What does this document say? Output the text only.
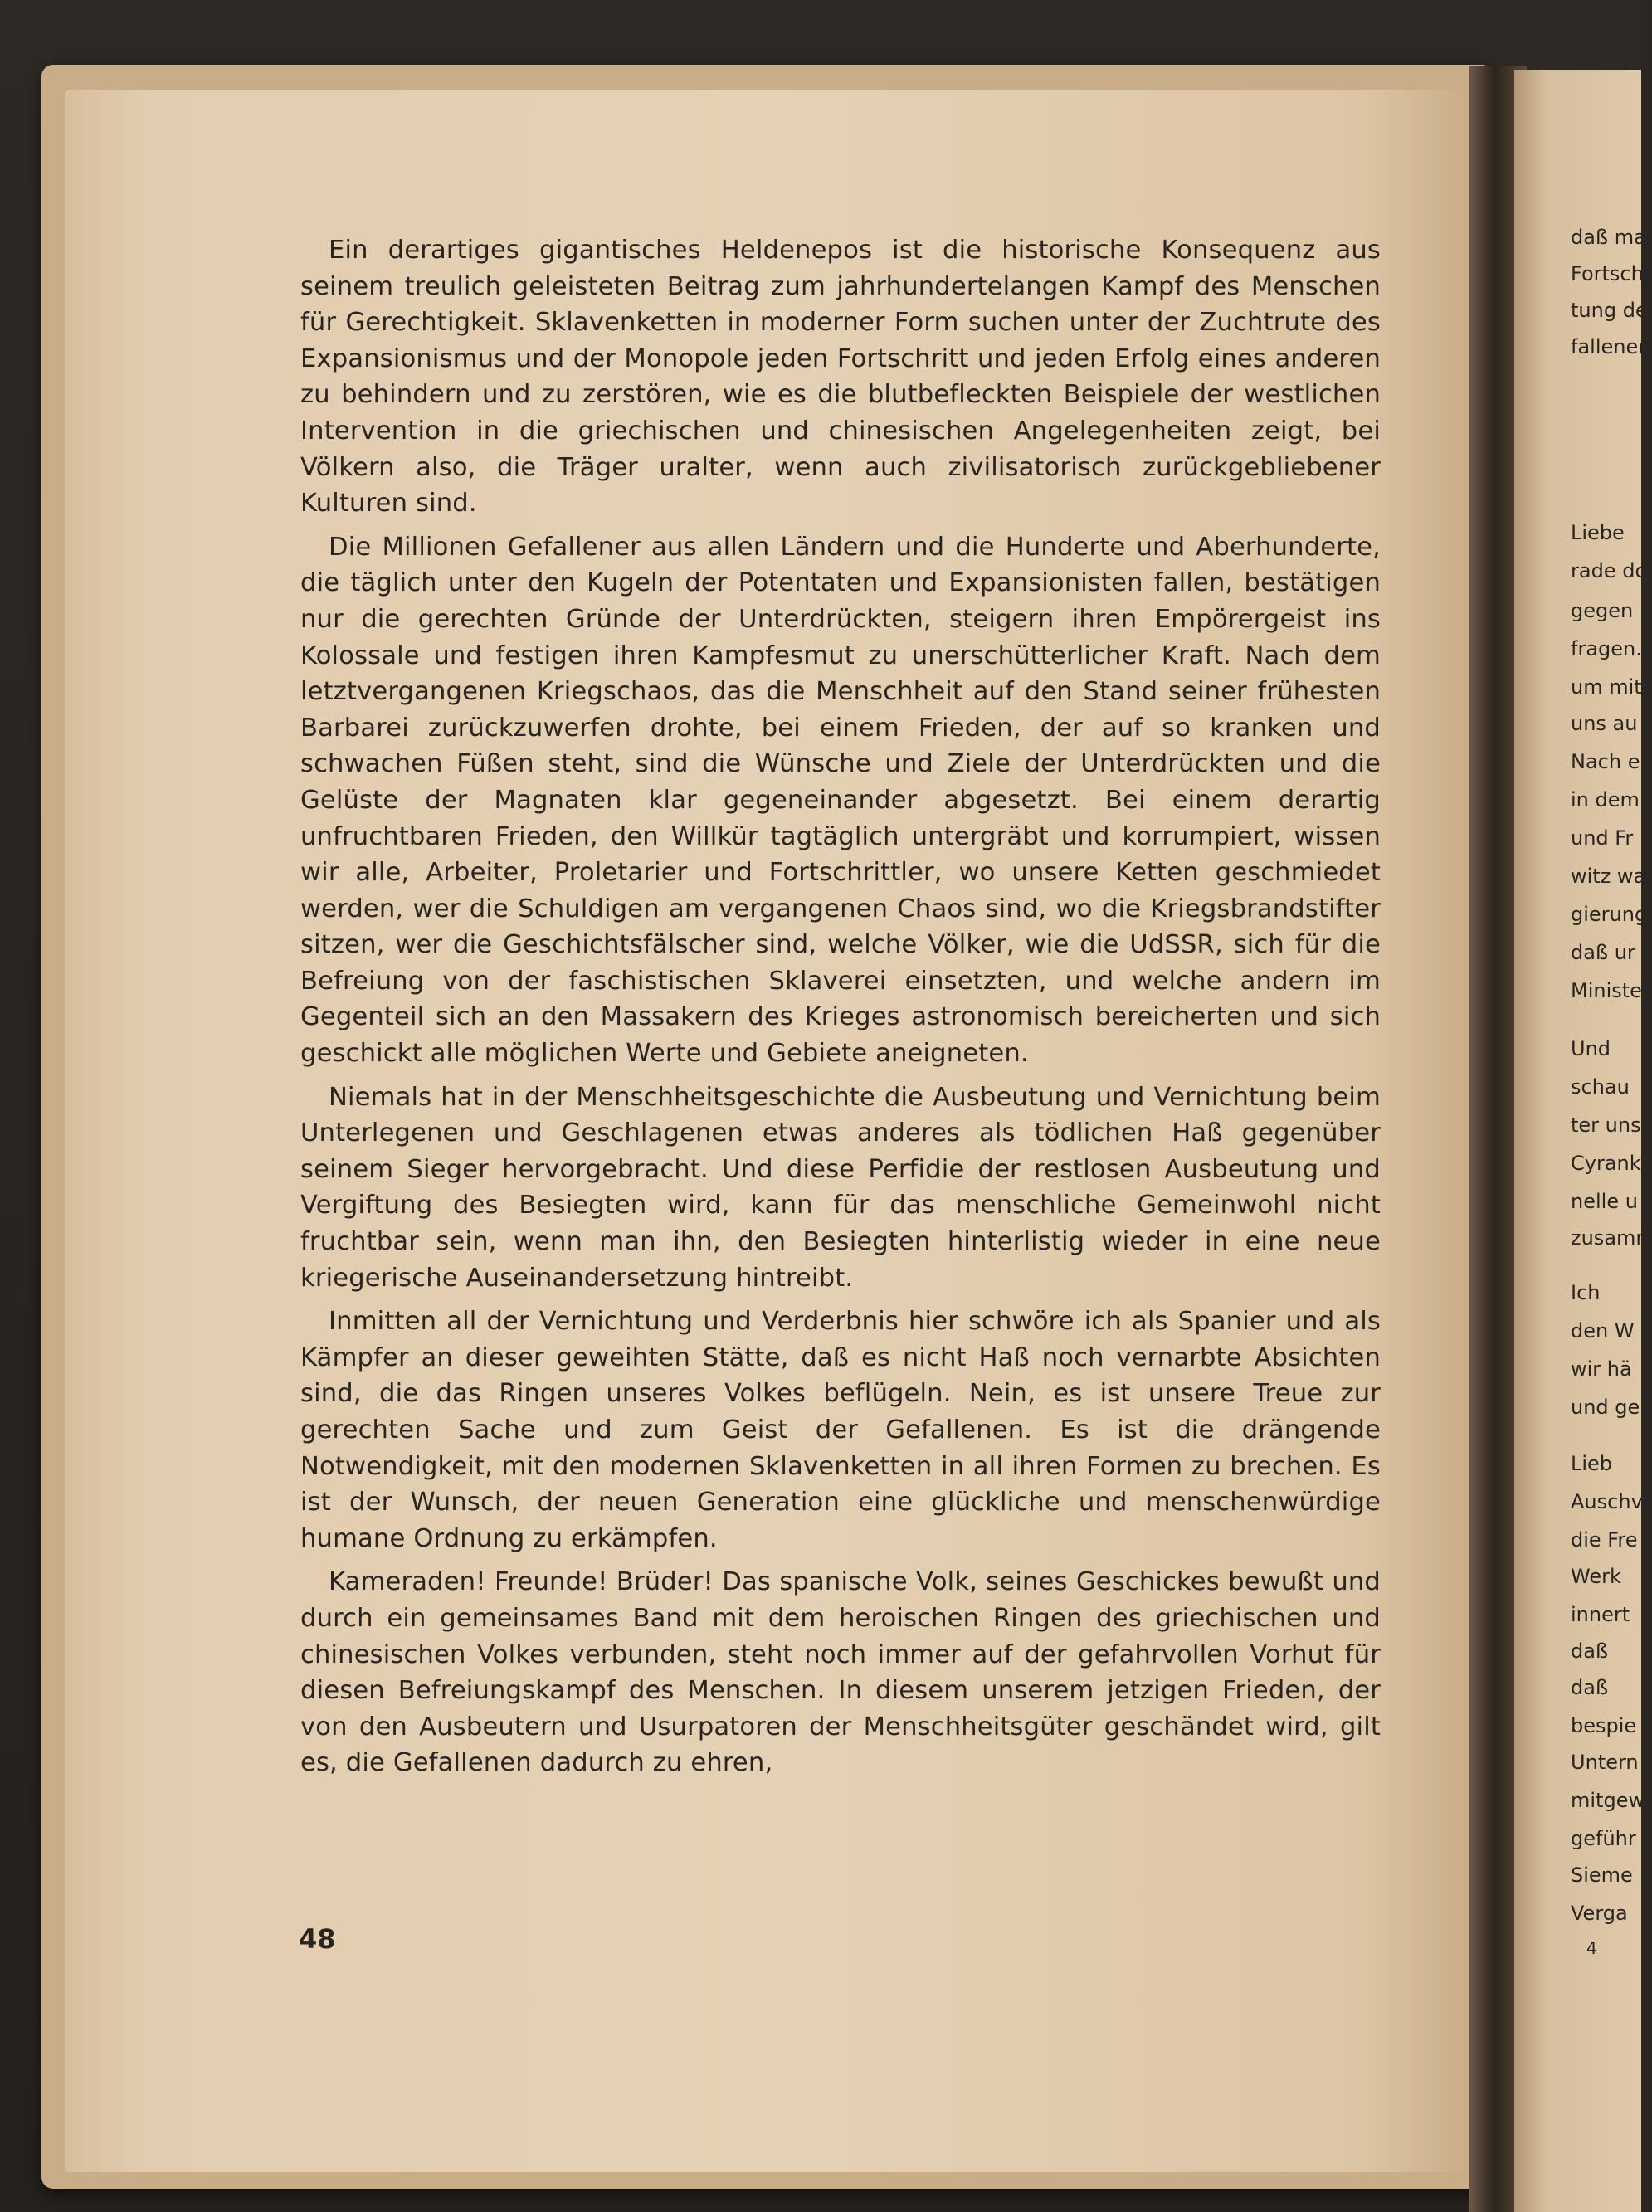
Ein derartiges gigantisches Heldenepos ist die historische Konsequenz aus seinem treulich geleisteten Beitrag zum jahrhundertelangen Kampf des Menschen für Gerechtigkeit. Sklavenketten in moderner Form suchen unter der Zuchtrute des Expansionismus und der Monopole jeden Fortschritt und jeden Erfolg eines anderen zu behindern und zu zerstören, wie es die blutbefleckten Beispiele der westlichen Intervention in die griechischen und chinesischen Angelegenheiten zeigt, bei Völkern also, die Träger uralter, wenn auch zivilisatorisch zurückgebliebener Kulturen sind.

Die Millionen Gefallener aus allen Ländern und die Hunderte und Aberhunderte, die täglich unter den Kugeln der Potentaten und Expansionisten fallen, bestätigen nur die gerechten Gründe der Unterdrückten, steigern ihren Empörergeist ins Kolossale und festigen ihren Kampfesmut zu unerschütterlicher Kraft. Nach dem letztvergangenen Kriegschaos, das die Menschheit auf den Stand seiner frühesten Barbarei zurückzuwerfen drohte, bei einem Frieden, der auf so kranken und schwachen Füßen steht, sind die Wünsche und Ziele der Unterdrückten und die Gelüste der Magnaten klar gegeneinander abgesetzt. Bei einem derartig unfruchtbaren Frieden, den Willkür tagtäglich untergräbt und korrumpiert, wissen wir alle, Arbeiter, Proletarier und Fortschrittler, wo unsere Ketten geschmiedet werden, wer die Schuldigen am vergangenen Chaos sind, wo die Kriegsbrandstifter sitzen, wer die Geschichtsfälscher sind, welche Völker, wie die UdSSR, sich für die Befreiung von der faschistischen Sklaverei einsetzten, und welche andern im Gegenteil sich an den Massakern des Krieges astronomisch bereicherten und sich geschickt alle möglichen Werte und Gebiete aneigneten.

Niemals hat in der Menschheitsgeschichte die Ausbeutung und Vernichtung beim Unterlegenen und Geschlagenen etwas anderes als tödlichen Haß gegenüber seinem Sieger hervorgebracht. Und diese Perfidie der restlosen Ausbeutung und Vergiftung des Besiegten wird, kann für das menschliche Gemeinwohl nicht fruchtbar sein, wenn man ihn, den Besiegten hinterlistig wieder in eine neue kriegerische Auseinandersetzung hintreibt.

Inmitten all der Vernichtung und Verderbnis hier schwöre ich als Spanier und als Kämpfer an dieser geweihten Stätte, daß es nicht Haß noch vernarbte Absichten sind, die das Ringen unseres Volkes beflügeln. Nein, es ist unsere Treue zur gerechten Sache und zum Geist der Gefallenen. Es ist die drängende Notwendigkeit, mit den modernen Sklavenketten in all ihren Formen zu brechen. Es ist der Wunsch, der neuen Generation eine glückliche und menschenwürdige humane Ordnung zu erkämpfen.

Kameraden! Freunde! Brüder! Das spanische Volk, seines Geschickes bewußt und durch ein gemeinsames Band mit dem heroischen Ringen des griechischen und chinesischen Volkes verbunden, steht noch immer auf der gefahrvollen Vorhut für diesen Befreiungskampf des Menschen. In diesem unserem jetzigen Frieden, der von den Ausbeutern und Usurpatoren der Menschheitsgüter geschändet wird, gilt es, die Gefallenen dadurch zu ehren,

48
daß ma
Fortschr
tung de
fallener
Liebe
rade do
gegen
fragen.
um mit
uns au
Nach e
in dem
und Fr
witz wa
gierung
daß ur
Ministe
Und
schau
ter uns
Cyrank
nelle u
zusamr
Ich
den W
wir hä
und ge
Lieb
Auschv
die Fre
Werk
innert
daß
daß
bespie
Untern
mitgew
geführ
Sieme
Verga
4
